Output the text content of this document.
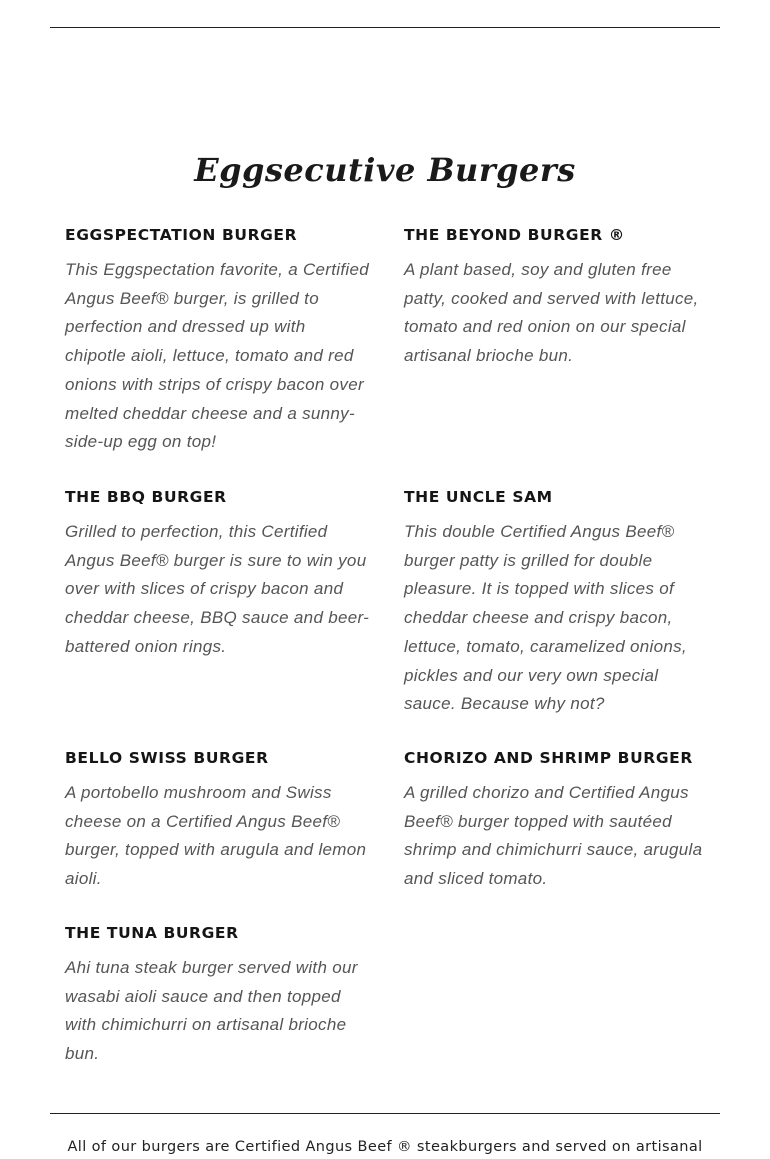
Eggsecutive Burgers
EGGSPECTATION BURGER

This Eggspectation favorite, a Certified Angus Beef® burger, is grilled to perfection and dressed up with chipotle aioli, lettuce, tomato and red onions with strips of crispy bacon over melted cheddar cheese and a sunny-side-up egg on top!

THE BEYOND BURGER ®

A plant based, soy and gluten free patty, cooked and served with lettuce, tomato and red onion on our special artisanal brioche bun.

THE BBQ BURGER

Grilled to perfection, this Certified Angus Beef® burger is sure to win you over with slices of crispy bacon and cheddar cheese, BBQ sauce and beer-battered onion rings.

THE UNCLE SAM

This double Certified Angus Beef® burger patty is grilled for double pleasure. It is topped with slices of cheddar cheese and crispy bacon, lettuce, tomato, caramelized onions, pickles and our very own special sauce. Because why not?

BELLO SWISS BURGER

A portobello mushroom and Swiss cheese on a Certified Angus Beef® burger, topped with arugula and lemon aioli.

CHORIZO AND SHRIMP BURGER

A grilled chorizo and Certified Angus Beef® burger topped with sautéed shrimp and chimichurri sauce, arugula and sliced tomato.

THE TUNA BURGER

Ahi tuna steak burger served with our wasabi aioli sauce and then topped with chimichurri on artisanal brioche bun.

All of our burgers are Certified Angus Beef ® steakburgers and served on artisanal
